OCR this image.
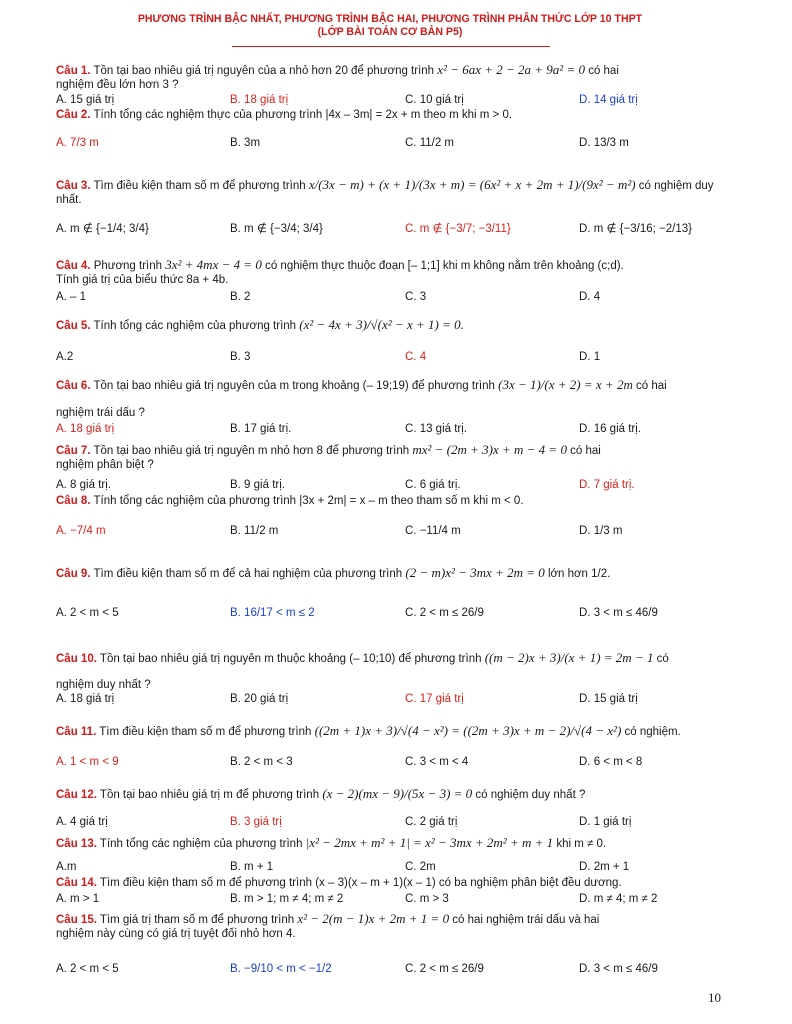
PHƯƠNG TRÌNH BẬC NHẤT, PHƯƠNG TRÌNH BẬC HAI, PHƯƠNG TRÌNH PHÂN THỨC LỚP 10 THPT
(LỚP BÀI TOÁN CƠ BẢN P5)
Câu 1. Tồn tại bao nhiêu giá trị nguyên của a nhỏ hơn 20 để phương trình x² − 6ax + 2 − 2a + 9a² = 0 có hai
nghiệm đều lớn hơn 3 ?
A. 15 giá trị	B. 18 giá trị	C. 10 giá trị	D. 14 giá trị
Câu 2. Tính tổng các nghiệm thực của phương trình |4x – 3m| = 2x + m theo m khi m > 0.
A. 7/3 m	B. 3m	C. 11/2 m	D. 13/3 m
Câu 3. Tìm điều kiện tham số m để phương trình x/(3x − m) + (x + 1)/(3x + m) = (6x² + x + 2m + 1)/(9x² − m²) có nghiệm duy nhất.
A. m ∉ {−1/4; 3/4}	B. m ∉ {−3/4; 3/4}	C. m ∉ {−3/7; −3/11}	D. m ∉ {−3/16; −2/13}
Câu 4. Phương trình 3x² + 4mx − 4 = 0 có nghiệm thực thuộc đoạn [– 1;1] khi m không nằm trên khoảng (c;d).
Tính giá trị của biểu thức 8a + 4b.
A. – 1	B. 2	C. 3	D. 4
Câu 5. Tính tổng các nghiệm của phương trình (x² − 4x + 3)/√(x² − x + 1) = 0.
A.2	B. 3	C. 4	D. 1
Câu 6. Tồn tại bao nhiêu giá trị nguyên của m trong khoảng (– 19;19) để phương trình (3x − 1)/(x + 2) = x + 2m có hai
nghiệm trái dấu ?
A. 18 giá trị	B. 17 giá trị.	C. 13 giá trị.	D. 16 giá trị.
Câu 7. Tồn tại bao nhiêu giá trị nguyên m nhỏ hơn 8 để phương trình mx² − (2m + 3)x + m − 4 = 0 có hai
nghiệm phân biệt ?
A. 8 giá trị.	B. 9 giá trị.	C. 6 giá trị.	D. 7 giá trị.
Câu 8. Tính tổng các nghiệm của phương trình |3x + 2m| = x – m theo tham số m khi m < 0.
A. −7/4 m	B. 11/2 m	C. −11/4 m	D. 1/3 m
Câu 9. Tìm điều kiện tham số m để cả hai nghiệm của phương trình (2 − m)x² − 3mx + 2m = 0 lớn hơn 1/2.
A. 2 < m < 5	B. 16/17 < m ≤ 2	C. 2 < m ≤ 26/9	D. 3 < m ≤ 46/9
Câu 10. Tồn tại bao nhiêu giá trị nguyên m thuộc khoảng (– 10;10) để phương trình ((m − 2)x + 3)/(x + 1) = 2m − 1 có
nghiệm duy nhất ?
A. 18 giá trị	B. 20 giá trị	C. 17 giá trị	D. 15 giá trị
Câu 11. Tìm điều kiện tham số m để phương trình ((2m + 1)x + 3)/√(4 − x²) = ((2m + 3)x + m − 2)/√(4 − x²) có nghiệm.
A. 1 < m < 9	B. 2 < m < 3	C. 3 < m < 4	D. 6 < m < 8
Câu 12. Tồn tại bao nhiêu giá trị m để phương trình (x − 2)(mx − 9)/(5x − 3) = 0 có nghiệm duy nhất ?
A. 4 giá trị	B. 3 giá trị	C. 2 giá trị	D. 1 giá trị
Câu 13. Tính tổng các nghiệm của phương trình |x² − 2mx + m² + 1| = x² − 3mx + 2m² + m + 1 khi m ≠ 0.
A.m	B. m + 1	C. 2m	D. 2m + 1
Câu 14. Tìm điều kiện tham số m để phương trình (x – 3)(x – m + 1)(x – 1) có ba nghiệm phân biệt đều dương.
A. m > 1	B. m > 1; m ≠ 4; m ≠ 2	C. m > 3	D. m ≠ 4; m ≠ 2
Câu 15. Tìm giá trị tham số m để phương trình x² − 2(m − 1)x + 2m + 1 = 0 có hai nghiệm trái dấu và hai
nghiệm này cùng có giá trị tuyệt đối nhỏ hơn 4.
A. 2 < m < 5	B. −9/10 < m < −1/2	C. 2 < m ≤ 26/9	D. 3 < m ≤ 46/9
10
